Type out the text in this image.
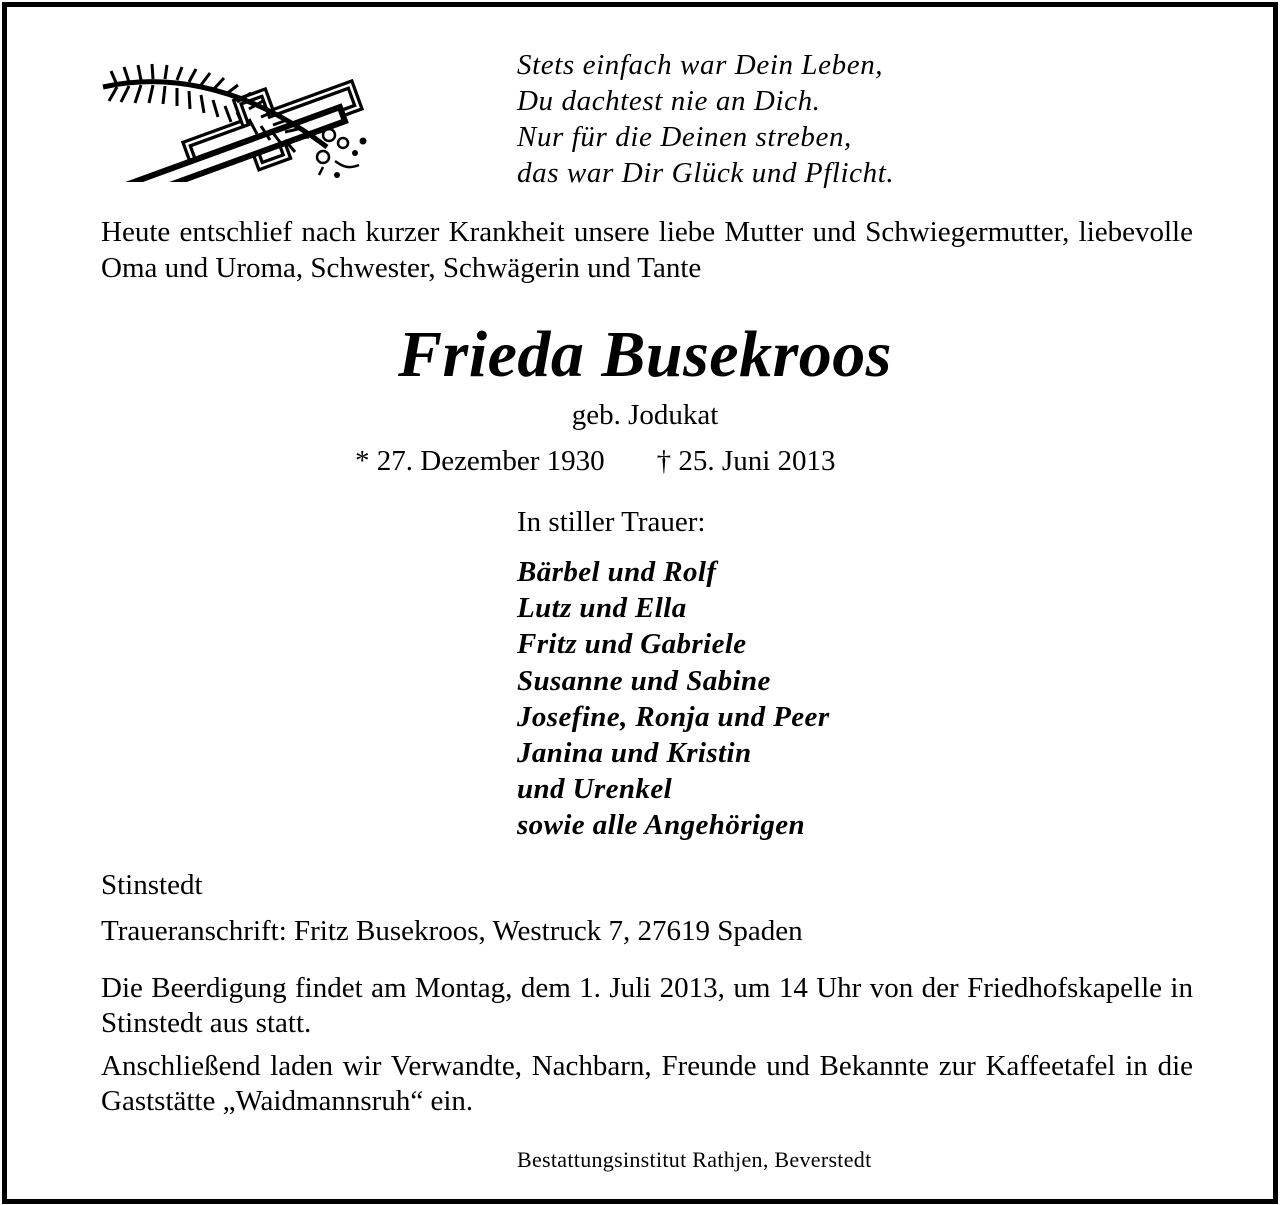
Stets einfach war Dein Leben,
Du dachtest nie an Dich.
Nur für die Deinen streben,
das war Dir Glück und Pflicht.
Heute entschlief nach kurzer Krankheit unsere liebe Mutter und Schwiegermutter, liebevolle Oma und Uroma, Schwester, Schwägerin und Tante
Frieda Busekroos
geb. Jodukat
* 27. Dezember 1930 † 25. Juni 2013
In stiller Trauer:
Bärbel und Rolf
Lutz und Ella
Fritz und Gabriele
Susanne und Sabine
Josefine, Ronja und Peer
Janina und Kristin
und Urenkel
sowie alle Angehörigen
Stinstedt
Traueranschrift: Fritz Busekroos, Westruck 7, 27619 Spaden
Die Beerdigung findet am Montag, dem 1. Juli 2013, um 14 Uhr von der Friedhofskapelle in Stinstedt aus statt.
Anschließend laden wir Verwandte, Nachbarn, Freunde und Bekannte zur Kaffeetafel in die Gaststätte „Waidmannsruh“ ein.
Bestattungsinstitut Rathjen, Beverstedt
